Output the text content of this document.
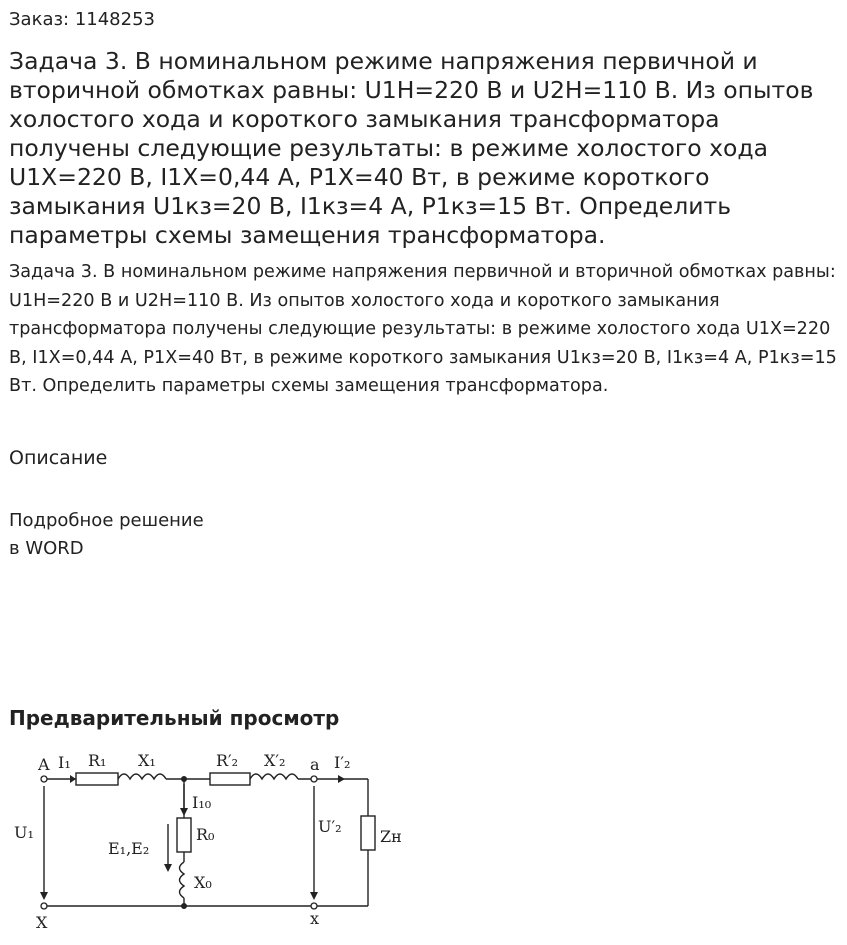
Заказ: 1148253
Задача 3. В номинальном режиме напряжения первичной и вторичной обмотках равны: U1Н=220 В и U2Н=110 В. Из опытов холостого хода и короткого замыкания трансформатора получены следующие результаты: в режиме холостого хода U1Х=220 В, I1Х=0,44 А, Р1Х=40 Вт, в режиме короткого замыкания U1кз=20 В, I1кз=4 А, Р1кз=15 Вт. Определить параметры схемы замещения трансформатора.

Задача 3. В номинальном режиме напряжения первичной и вторичной обмотках равны: U1Н=220 В и U2Н=110 В. Из опытов холостого хода и короткого замыкания трансформатора получены следующие результаты: в режиме холостого хода U1Х=220 В, I1Х=0,44 А, Р1Х=40 Вт, в режиме короткого замыкания U1кз=20 В, I1кз=4 А, Р1кз=15 Вт. Определить параметры схемы замещения трансформатора.

Описание
Подробное решение
в WORD
Предварительный просмотр
A I₁ R₁ X₁	R′₂ X′₂ a I′₂
U₁
I₁₀
R₀
X₀
E₁,E₂
U′₂
Zн
X	x
